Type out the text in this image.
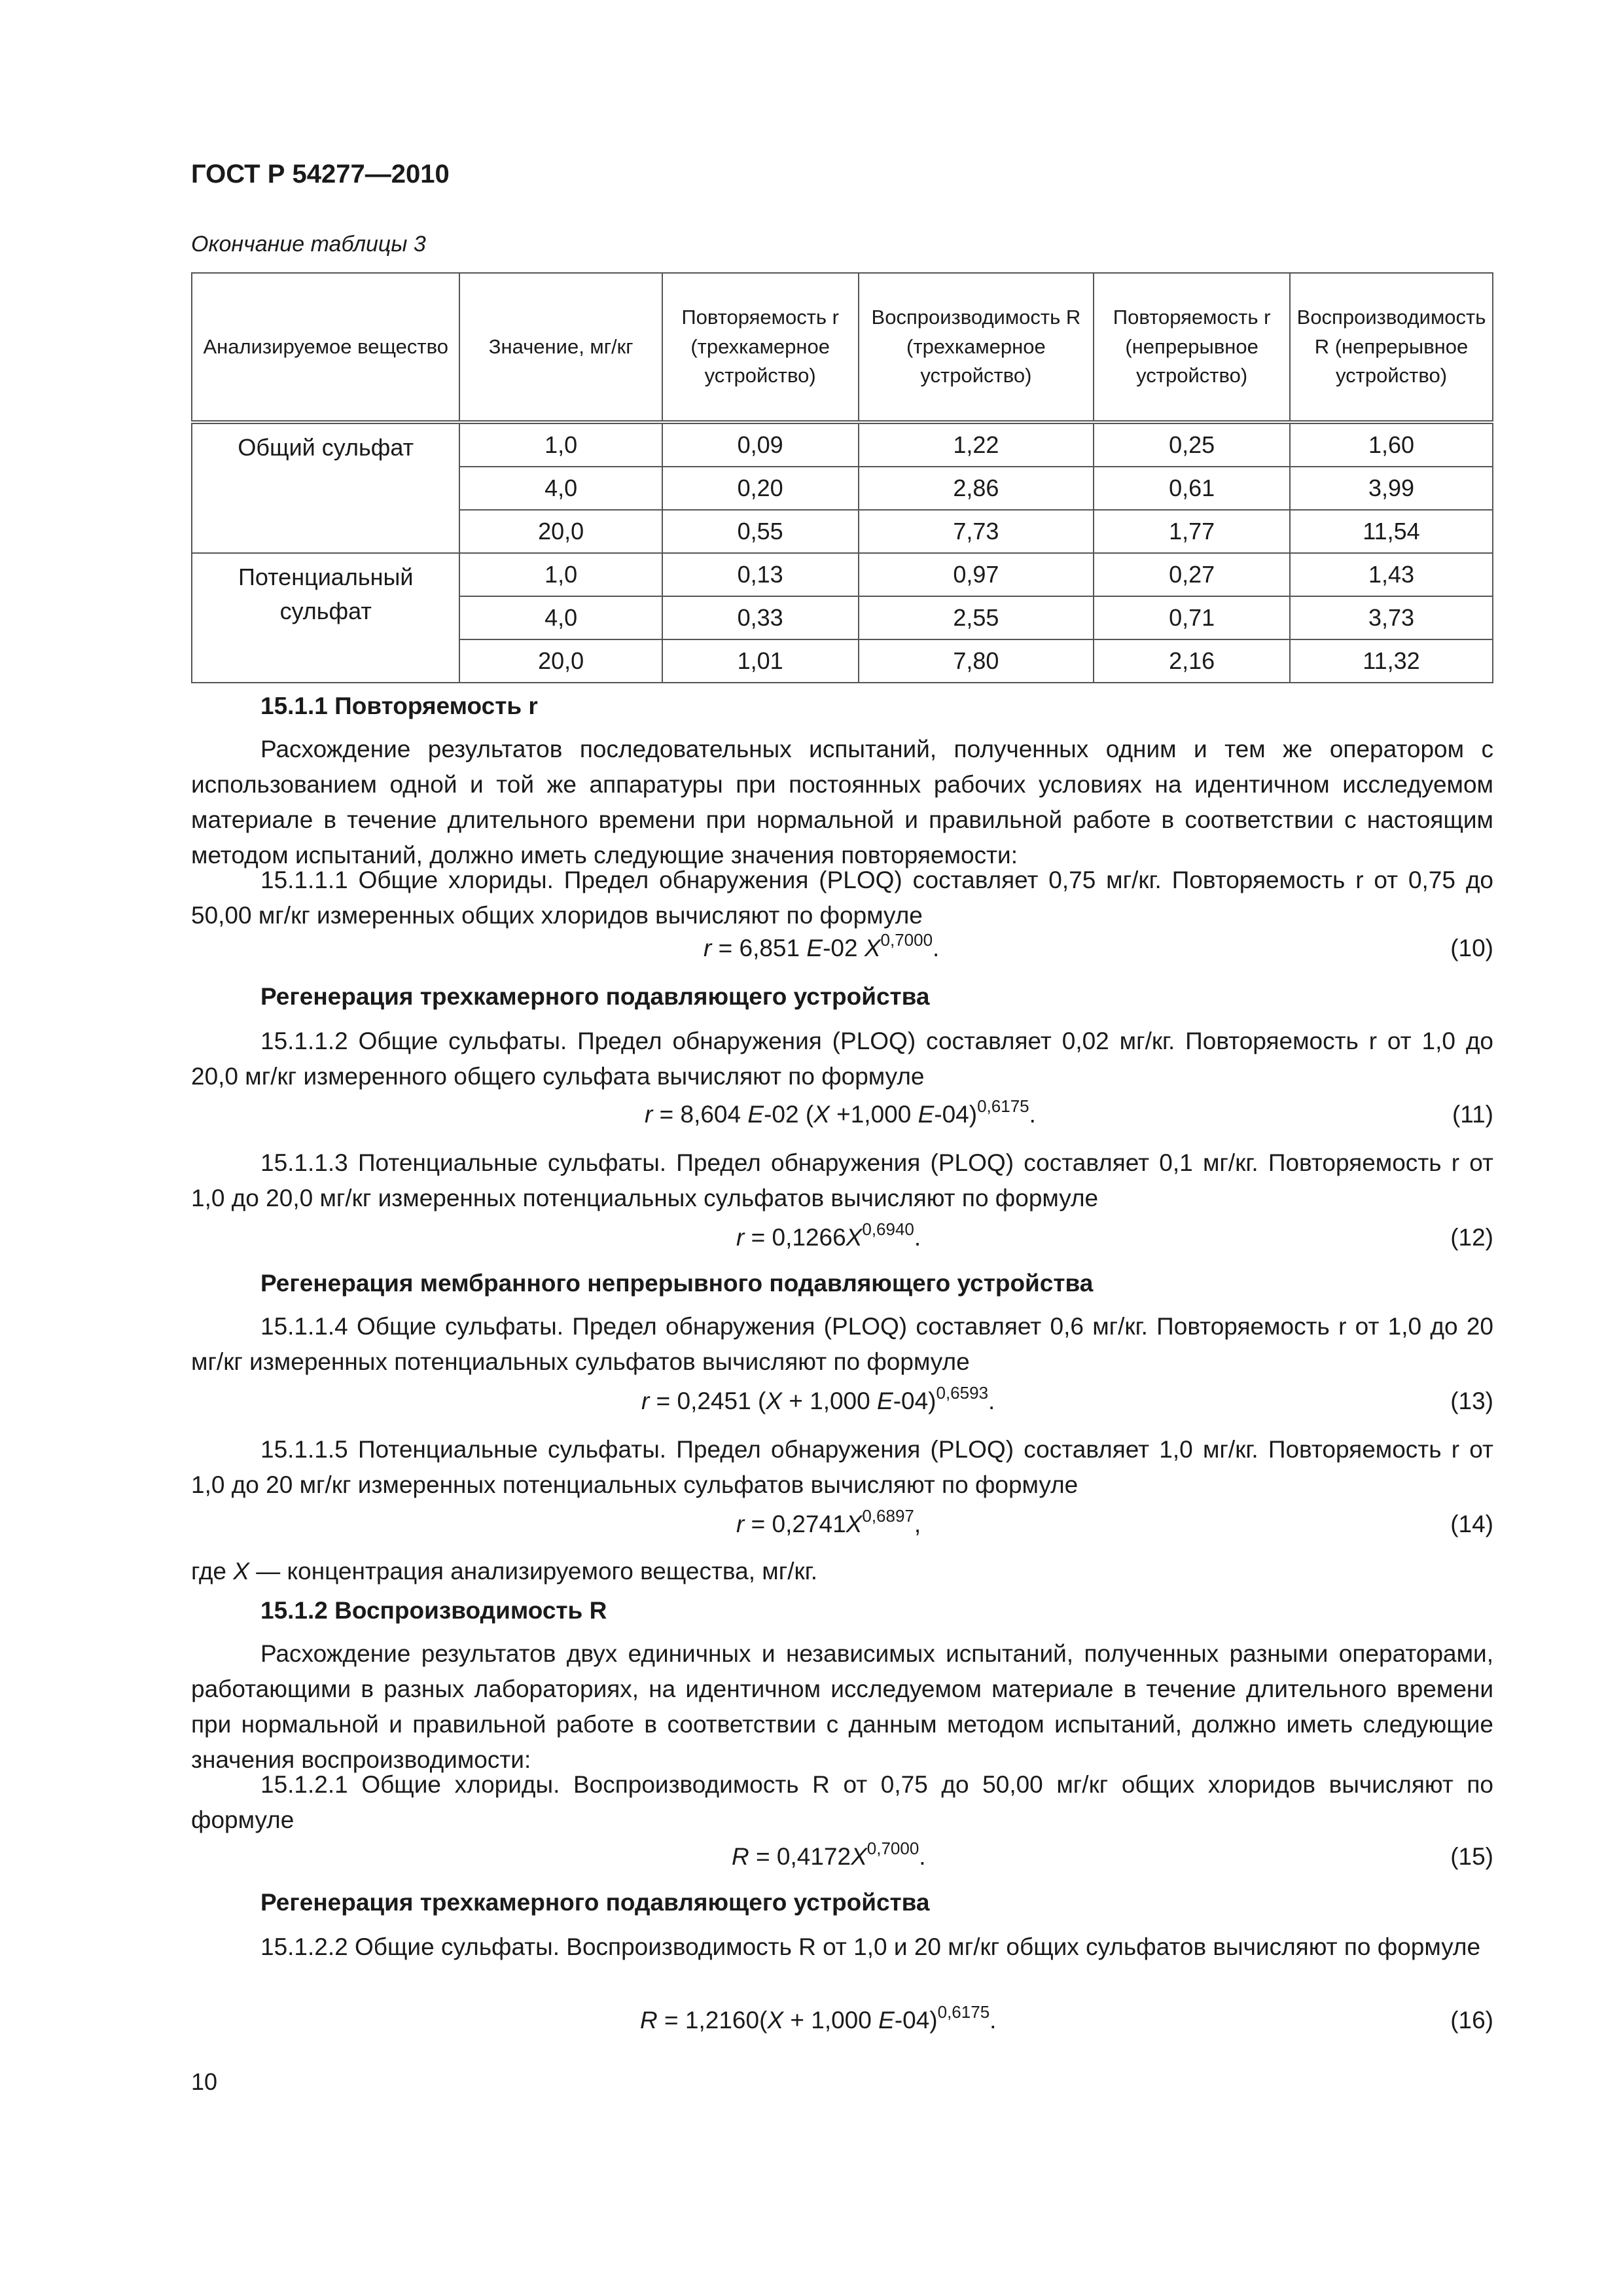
ГОСТ Р 54277—2010
Окончание таблицы 3
Анализируемое вещество	Значение, мг/кг	Повторяемость r (трехкамерное устройство)	Воспроизводимость R (трехкамерное устройство)	Повторяемость r (непрерывное устройство)	Воспроизводимость R (непрерывное устройство)
Общий сульфат	1,0	0,09	1,22	0,25	1,60
	4,0	0,20	2,86	0,61	3,99
	20,0	0,55	7,73	1,77	11,54
Потенциальный сульфат	1,0	0,13	0,97	0,27	1,43
	4,0	0,33	2,55	0,71	3,73
	20,0	1,01	7,80	2,16	11,32
15.1.1 Повторяемость r
Расхождение результатов последовательных испытаний, полученных одним и тем же оператором с использованием одной и той же аппаратуры при постоянных рабочих условиях на идентичном исследуемом материале в течение длительного времени при нормальной и правильной работе в соответствии с настоящим методом испытаний, должно иметь следующие значения повторяемости:
15.1.1.1 Общие хлориды. Предел обнаружения (PLOQ) составляет 0,75 мг/кг. Повторяемость r от 0,75 до 50,00 мг/кг измеренных общих хлоридов вычисляют по формуле
r = 6,851 E-02 $X^{0,7000}$.	(10)
Регенерация трехкамерного подавляющего устройства
15.1.1.2 Общие сульфаты. Предел обнаружения (PLOQ) составляет 0,02 мг/кг. Повторяемость r от 1,0 до 20,0 мг/кг измеренного общего сульфата вычисляют по формуле
r = 8,604 E-02 (X +1,000 E-04)$^{0,6175}$.	(11)
15.1.1.3 Потенциальные сульфаты. Предел обнаружения (PLOQ) составляет 0,1 мг/кг. Повторяемость r от 1,0 до 20,0 мг/кг измеренных потенциальных сульфатов вычисляют по формуле
$r = 0,1266X^{0,6940}$.	(12)
Регенерация мембранного непрерывного подавляющего устройства
15.1.1.4 Общие сульфаты. Предел обнаружения (PLOQ) составляет 0,6 мг/кг. Повторяемость r от 1,0 до 20 мг/кг измеренных потенциальных сульфатов вычисляют по формуле
r = 0,2451 (X + 1,000 E-04)$^{0,6593}$.	(13)
15.1.1.5 Потенциальные сульфаты. Предел обнаружения (PLOQ) составляет 1,0 мг/кг. Повторяемость r от 1,0 до 20 мг/кг измеренных потенциальных сульфатов вычисляют по формуле
$r = 0,2741X^{0,6897}$,	(14)
где X — концентрация анализируемого вещества, мг/кг.
15.1.2 Воспроизводимость R
Расхождение результатов двух единичных и независимых испытаний, полученных разными операторами, работающими в разных лабораториях, на идентичном исследуемом материале в течение длительного времени при нормальной и правильной работе в соответствии с данным методом испытаний, должно иметь следующие значения воспроизводимости:
15.1.2.1 Общие хлориды. Воспроизводимость R от 0,75 до 50,00 мг/кг общих хлоридов вычисляют по формуле
$R = 0,4172X^{0,7000}$.	(15)
Регенерация трехкамерного подавляющего устройства
15.1.2.2 Общие сульфаты. Воспроизводимость R от 1,0 и 20 мг/кг общих сульфатов вычисляют по формуле
R = 1,2160(X + 1,000 E-04)$^{0,6175}$.	(16)
10
